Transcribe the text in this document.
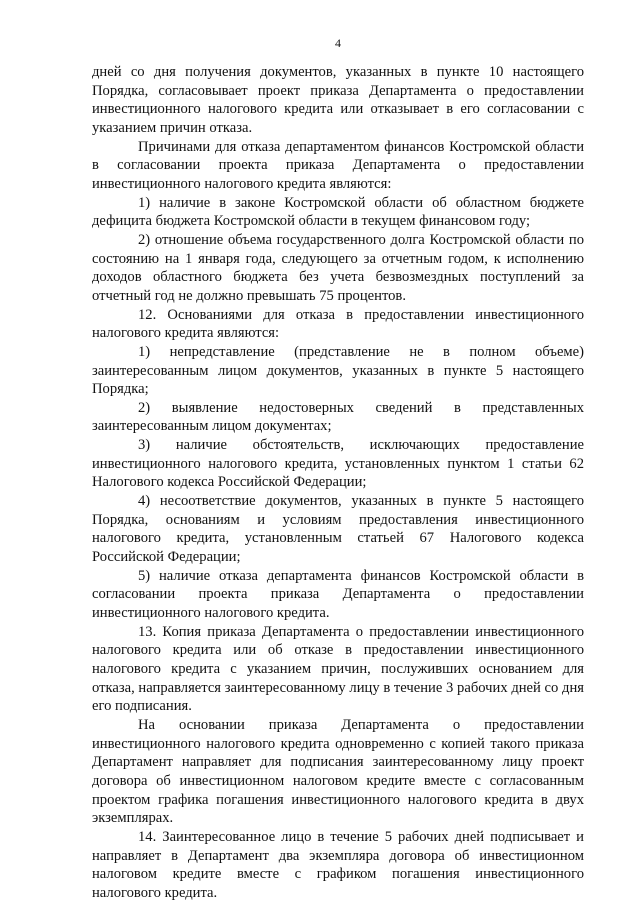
4

дней со дня получения документов, указанных в пункте 10 настоящего Порядка, согласовывает проект приказа Департамента о предоставлении инвестиционного налогового кредита или отказывает в его согласовании с указанием причин отказа.

Причинами для отказа департаментом финансов Костромской области в согласовании проекта приказа Департамента о предоставлении инвестиционного налогового кредита являются:

1) наличие в законе Костромской области об областном бюджете дефицита бюджета Костромской области в текущем финансовом году;

2) отношение объема государственного долга Костромской области по состоянию на 1 января года, следующего за отчетным годом, к исполнению доходов областного бюджета без учета безвозмездных поступлений за отчетный год не должно превышать 75 процентов.

12. Основаниями для отказа в предоставлении инвестиционного налогового кредита являются:

1) непредставление (представление не в полном объеме) заинтересованным лицом документов, указанных в пункте 5 настоящего Порядка;

2) выявление недостоверных сведений в представленных заинтересованным лицом документах;

3) наличие обстоятельств, исключающих предоставление инвестиционного налогового кредита, установленных пунктом 1 статьи 62 Налогового кодекса Российской Федерации;

4) несоответствие документов, указанных в пункте 5 настоящего Порядка, основаниям и условиям предоставления инвестиционного налогового кредита, установленным статьей 67 Налогового кодекса Российской Федерации;

5) наличие отказа департамента финансов Костромской области в согласовании проекта приказа Департамента о предоставлении инвестиционного налогового кредита.

13. Копия приказа Департамента о предоставлении инвестиционного налогового кредита или об отказе в предоставлении инвестиционного налогового кредита с указанием причин, послуживших основанием для отказа, направляется заинтересованному лицу в течение 3 рабочих дней со дня его подписания.

На основании приказа Департамента о предоставлении инвестиционного налогового кредита одновременно с копией такого приказа Департамент направляет для подписания заинтересованному лицу проект договора об инвестиционном налоговом кредите вместе с согласованным проектом графика погашения инвестиционного налогового кредита в двух экземплярах.

14. Заинтересованное лицо в течение 5 рабочих дней подписывает и направляет в Департамент два экземпляра договора об инвестиционном налоговом кредите вместе с графиком погашения инвестиционного налогового кредита.
